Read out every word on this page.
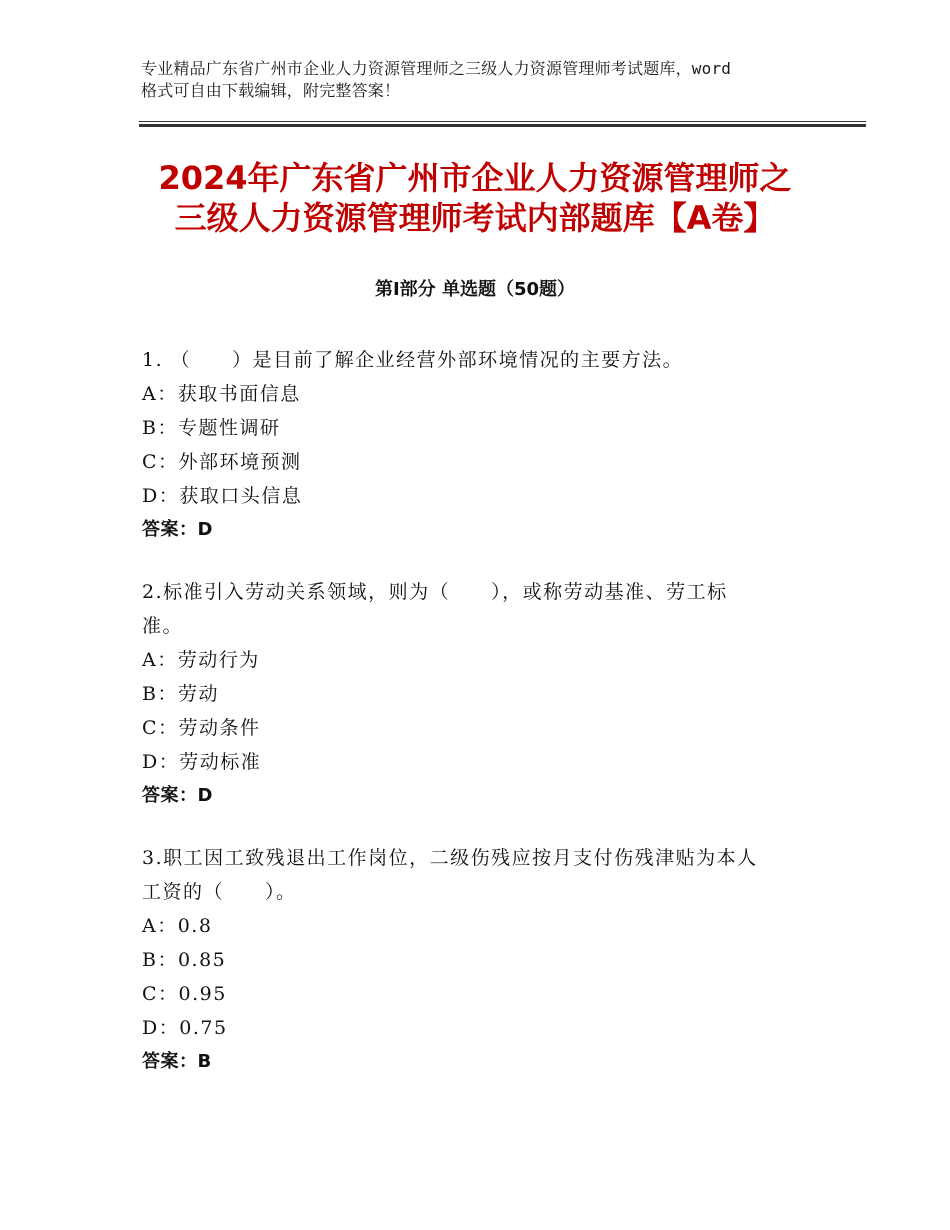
专业精品广东省广州市企业人力资源管理师之三级人力资源管理师考试题库，word
格式可自由下载编辑，附完整答案！
2024年广东省广州市企业人力资源管理师之
三级人力资源管理师考试内部题库【A卷】
第Ⅰ部分 单选题（50题）
1. （　　）是目前了解企业经营外部环境情况的主要方法。
A：获取书面信息
B：专题性调研
C：外部环境预测
D：获取口头信息
答案：D
2.标准引入劳动关系领域，则为（　　），或称劳动基准、劳工标
准。
A：劳动行为
B：劳动
C：劳动条件
D：劳动标准
答案：D
3.职工因工致残退出工作岗位，二级伤残应按月支付伤残津贴为本人
工资的（　　）。
A：0.8
B：0.85
C：0.95
D：0.75
答案：B
